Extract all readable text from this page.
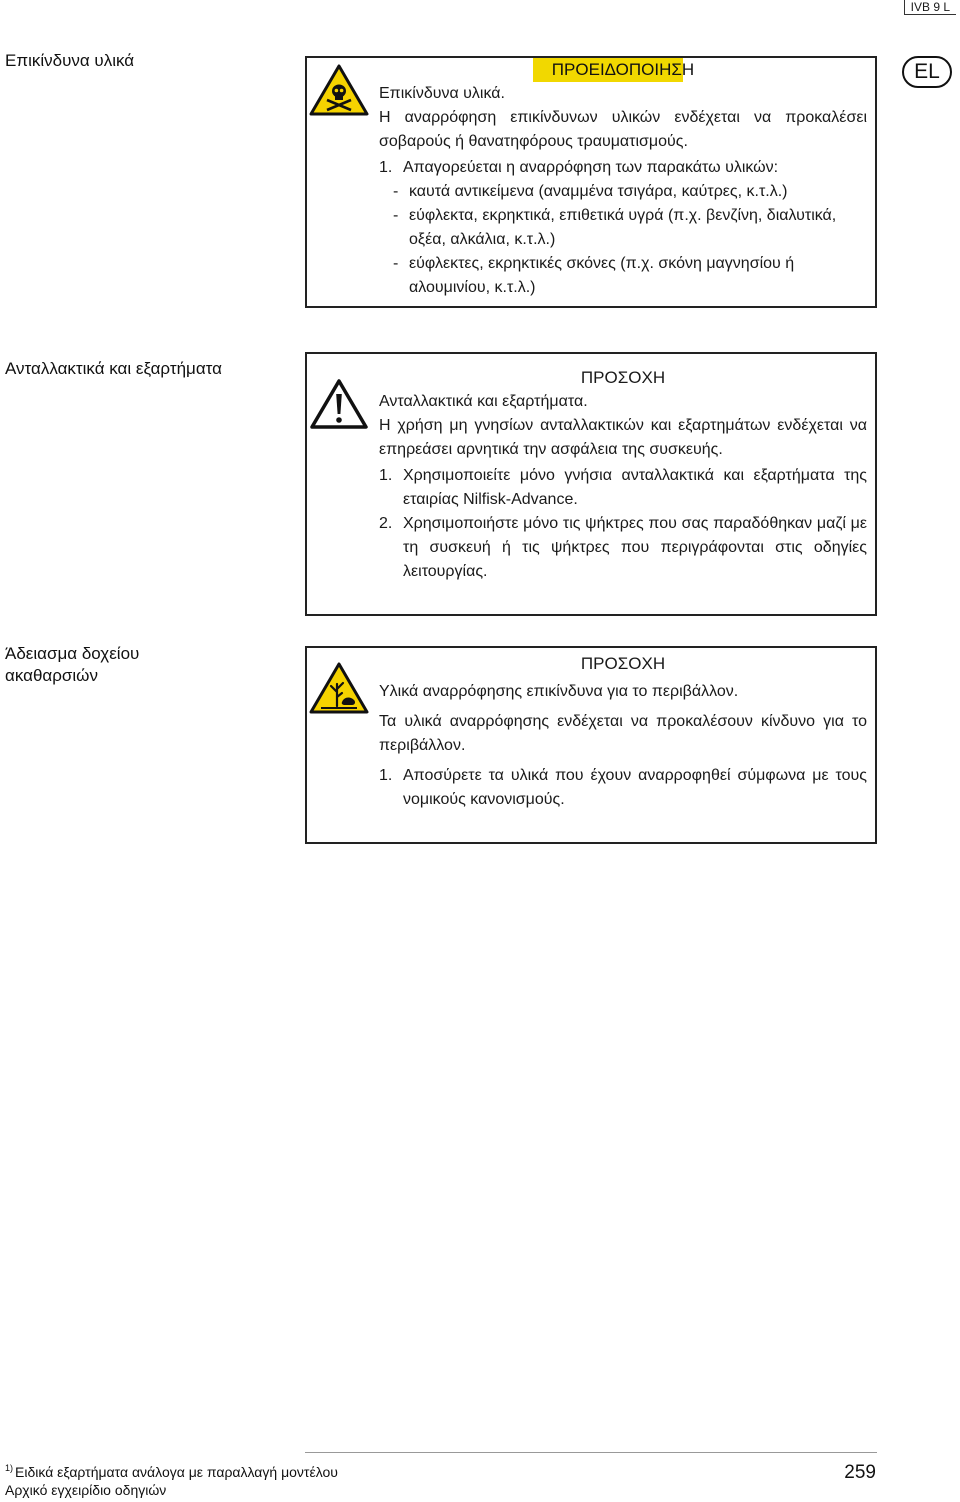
IVB 9 L
EL
Επικίνδυνα υλικά	ΠΡΟΕΙΔΟΠΟΙΗΣΗ
Επικίνδυνα υλικά.
Η αναρρόφηση επικίνδυνων υλικών ενδέχεται να προκαλέσει σοβαρούς ή θανατηφόρους τραυματισμούς.
1. Απαγορεύεται η αναρρόφηση των παρακάτω υλικών:
- καυτά αντικείμενα (αναμμένα τσιγάρα, καύτρες, κ.τ.λ.)
- εύφλεκτα, εκρηκτικά, επιθετικά υγρά (π.χ. βενζίνη, διαλυτικά, οξέα, αλκάλια, κ.τ.λ.)
- εύφλεκτες, εκρηκτικές σκόνες (π.χ. σκόνη μαγνησίου ή αλουμινίου, κ.τ.λ.)
Ανταλλακτικά και εξαρτήματα	ΠΡΟΣΟΧΗ
Ανταλλακτικά και εξαρτήματα.
Η χρήση μη γνησίων ανταλλακτικών και εξαρτημάτων ενδέχεται να επηρεάσει αρνητικά την ασφάλεια της συσκευής.
1. Χρησιμοποιείτε μόνο γνήσια ανταλλακτικά και εξαρτήματα της εταιρίας Nilfisk-Advance.
2. Χρησιμοποιήστε μόνο τις ψήκτρες που σας παραδόθηκαν μαζί με τη συσκευή ή τις ψήκτρες που περιγράφονται στις οδηγίες λειτουργίας.
Άδειασμα δοχείου
ακαθαρσιών
ΠΡΟΣΟΧΗ
Υλικά αναρρόφησης επικίνδυνα για το περιβάλλον.
Τα υλικά αναρρόφησης ενδέχεται να προκαλέσουν κίνδυνο για το περιβάλλον.
1. Αποσύρετε τα υλικά που έχουν αναρροφηθεί σύμφωνα με τους νομικούς κανονισμούς.
$^{1)}$ Ειδικά εξαρτήματα ανάλογα με παραλλαγή μοντέλου
Αρχικό εγχειρίδιο οδηγιών
259
